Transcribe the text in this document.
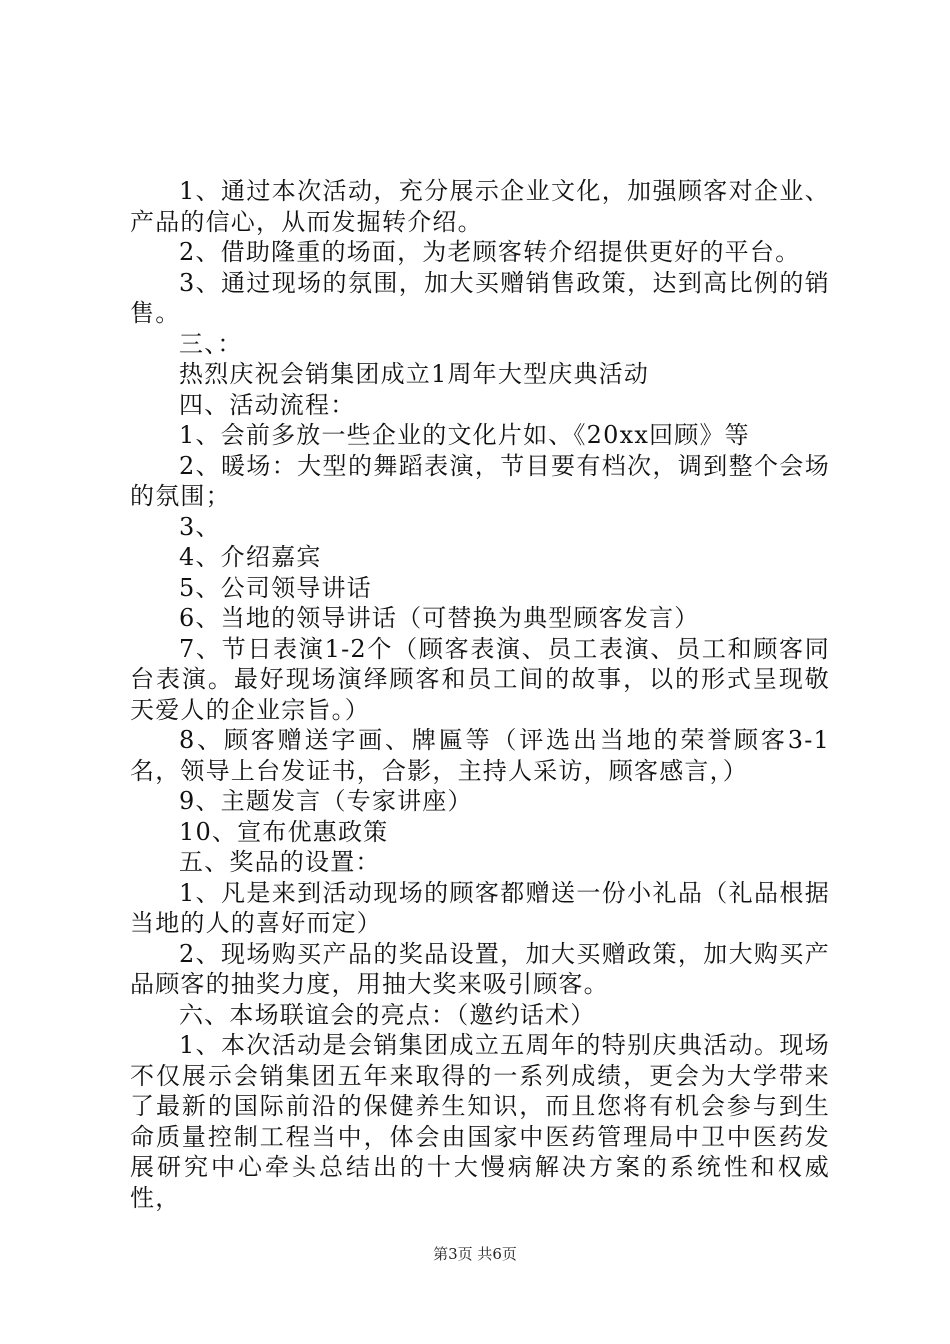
1、通过本次活动，充分展示企业文化，加强顾客对企业、产品的信心，从而发掘转介绍。

2、借助隆重的场面，为老顾客转介绍提供更好的平台。

3、通过现场的氛围，加大买赠销售政策，达到高比例的销售。

三、：

热烈庆祝会销集团成立1周年大型庆典活动

四、活动流程：

1、会前多放一些企业的文化片如、《20xx回顾》等

2、暖场：大型的舞蹈表演，节目要有档次，调到整个会场的氛围；

3、

4、介绍嘉宾

5、公司领导讲话

6、当地的领导讲话（可替换为典型顾客发言）

7、节日表演1-2个（顾客表演、员工表演、员工和顾客同台表演。最好现场演绎顾客和员工间的故事，以的形式呈现敬天爱人的企业宗旨。）

8、顾客赠送字画、牌匾等（评选出当地的荣誉顾客3-1名，领导上台发证书，合影，主持人采访，顾客感言，）

9、主题发言（专家讲座）

10、宣布优惠政策

五、奖品的设置：

1、凡是来到活动现场的顾客都赠送一份小礼品（礼品根据当地的人的喜好而定）

2、现场购买产品的奖品设置，加大买赠政策，加大购买产品顾客的抽奖力度，用抽大奖来吸引顾客。

六、本场联谊会的亮点：（邀约话术）

1、本次活动是会销集团成立五周年的特别庆典活动。现场不仅展示会销集团五年来取得的一系列成绩，更会为大学带来了最新的国际前沿的保健养生知识，而且您将有机会参与到生命质量控制工程当中，体会由国家中医药管理局中卫中医药发展研究中心牵头总结出的十大慢病解决方案的系统性和权威性，

第3页 共6页
